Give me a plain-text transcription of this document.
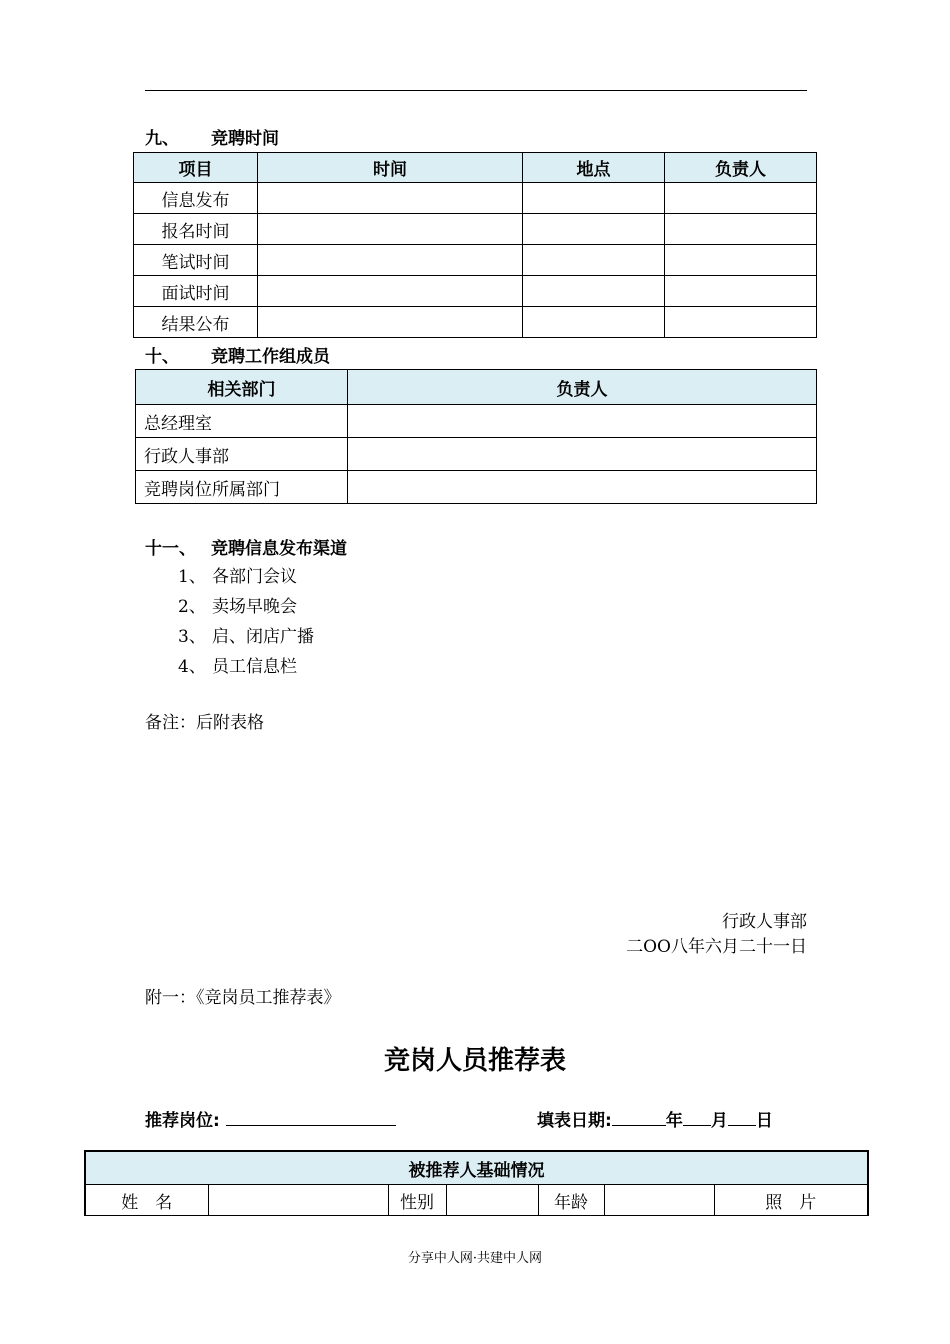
九、 竞聘时间
项目	时间	地点	负责人
信息发布			
报名时间			
笔试时间			
面试时间			
结果公布			
十、 竞聘工作组成员
相关部门	负责人
总经理室	
行政人事部	
竞聘岗位所属部门	
十一、 竞聘信息发布渠道
1、 各部门会议
2、 卖场早晚会
3、 启、闭店广播
4、 员工信息栏
备注：后附表格
行政人事部
二OO八年六月二十一日
附一：《竞岗员工推荐表》
竞岗人员推荐表
推荐岗位:	填表日期:	年 月 日
被推荐人基础情况
姓　名		性别		年龄		照　片
分享中人网·共建中人网
